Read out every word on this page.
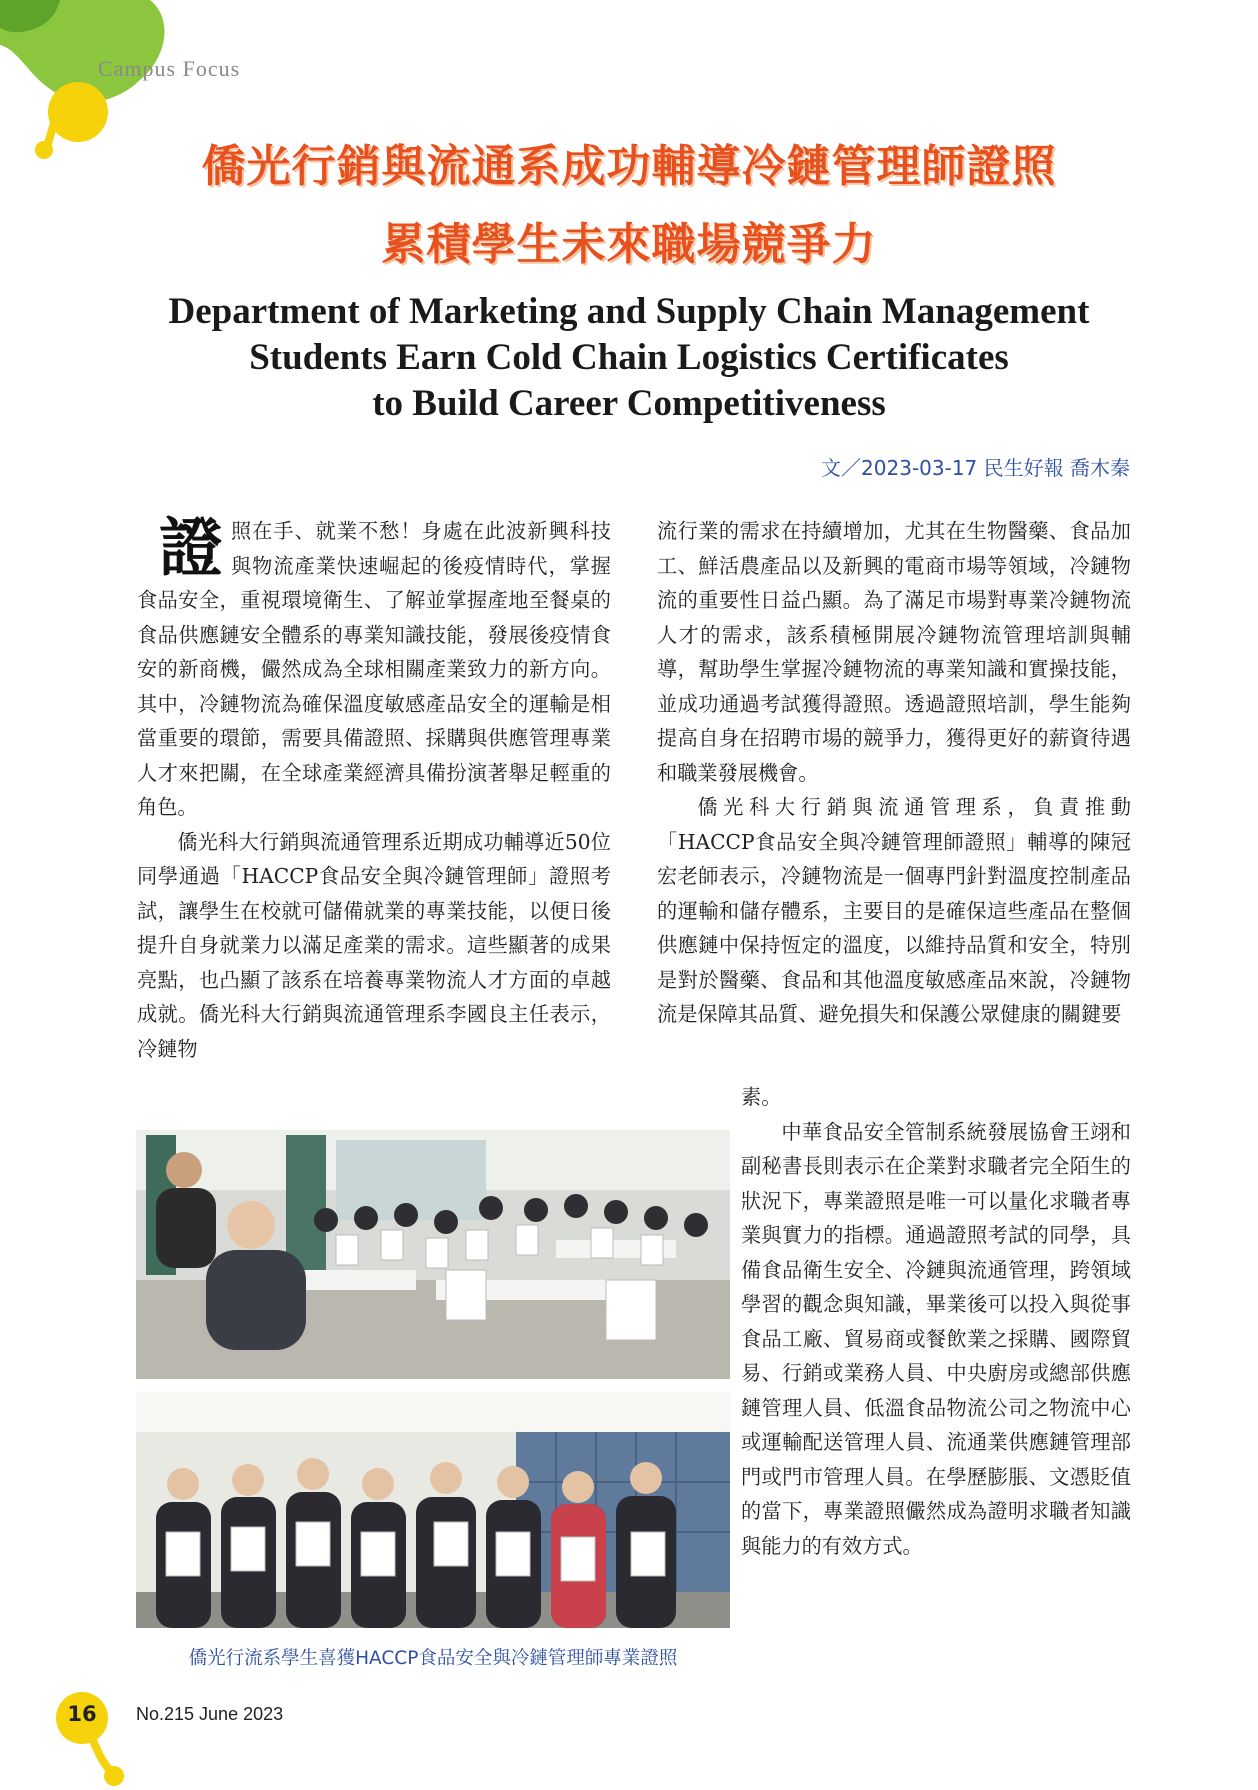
Campus Focus
僑光行銷與流通系成功輔導冷鏈管理師證照
累積學生未來職場競爭力
Department of Marketing and Supply Chain Management
Students Earn Cold Chain Logistics Certificates
to Build Career Competitiveness
文／2023-03-17 民生好報 喬木秦

證照在手、就業不愁！身處在此波新興科技與物流產業快速崛起的後疫情時代，掌握食品安全，重視環境衛生、了解並掌握產地至餐桌的食品供應鏈安全體系的專業知識技能，發展後疫情食安的新商機，儼然成為全球相關產業致力的新方向。其中，冷鏈物流為確保溫度敏感產品安全的運輸是相當重要的環節，需要具備證照、採購與供應管理專業人才來把關，在全球產業經濟具備扮演著舉足輕重的角色。

僑光科大行銷與流通管理系近期成功輔導近50位同學通過「HACCP食品安全與冷鏈管理師」證照考試，讓學生在校就可儲備就業的專業技能，以便日後提升自身就業力以滿足產業的需求。這些顯著的成果亮點，也凸顯了該系在培養專業物流人才方面的卓越成就。僑光科大行銷與流通管理系李國良主任表示，冷鏈物

流行業的需求在持續增加，尤其在生物醫藥、食品加工、鮮活農產品以及新興的電商市場等領域，冷鏈物流的重要性日益凸顯。為了滿足市場對專業冷鏈物流人才的需求，該系積極開展冷鏈物流管理培訓與輔導，幫助學生掌握冷鏈物流的專業知識和實操技能，並成功通過考試獲得證照。透過證照培訓，學生能夠提高自身在招聘市場的競爭力，獲得更好的薪資待遇和職業發展機會。

僑光科大行銷與流通管理系，負責推動「HACCP食品安全與冷鏈管理師證照」輔導的陳冠宏老師表示，冷鏈物流是一個專門針對溫度控制產品的運輸和儲存體系，主要目的是確保這些產品在整個供應鏈中保持恆定的溫度，以維持品質和安全，特別是對於醫藥、食品和其他溫度敏感產品來說，冷鏈物流是保障其品質、避免損失和保護公眾健康的關鍵要

素。

中華食品安全管制系統發展協會王翊和副秘書長則表示在企業對求職者完全陌生的狀況下，專業證照是唯一可以量化求職者專業與實力的指標。通過證照考試的同學，具備食品衛生安全、冷鏈與流通管理，跨領域學習的觀念與知識，畢業後可以投入與從事食品工廠、貿易商或餐飲業之採購、國際貿易、行銷或業務人員、中央廚房或總部供應鏈管理人員、低溫食品物流公司之物流中心或運輸配送管理人員、流通業供應鏈管理部門或門市管理人員。在學歷膨脹、文憑貶值的當下，專業證照儼然成為證明求職者知識與能力的有效方式。

僑光行流系學生喜獲HACCP食品安全與冷鏈管理師專業證照
16 No.215 June 2023
